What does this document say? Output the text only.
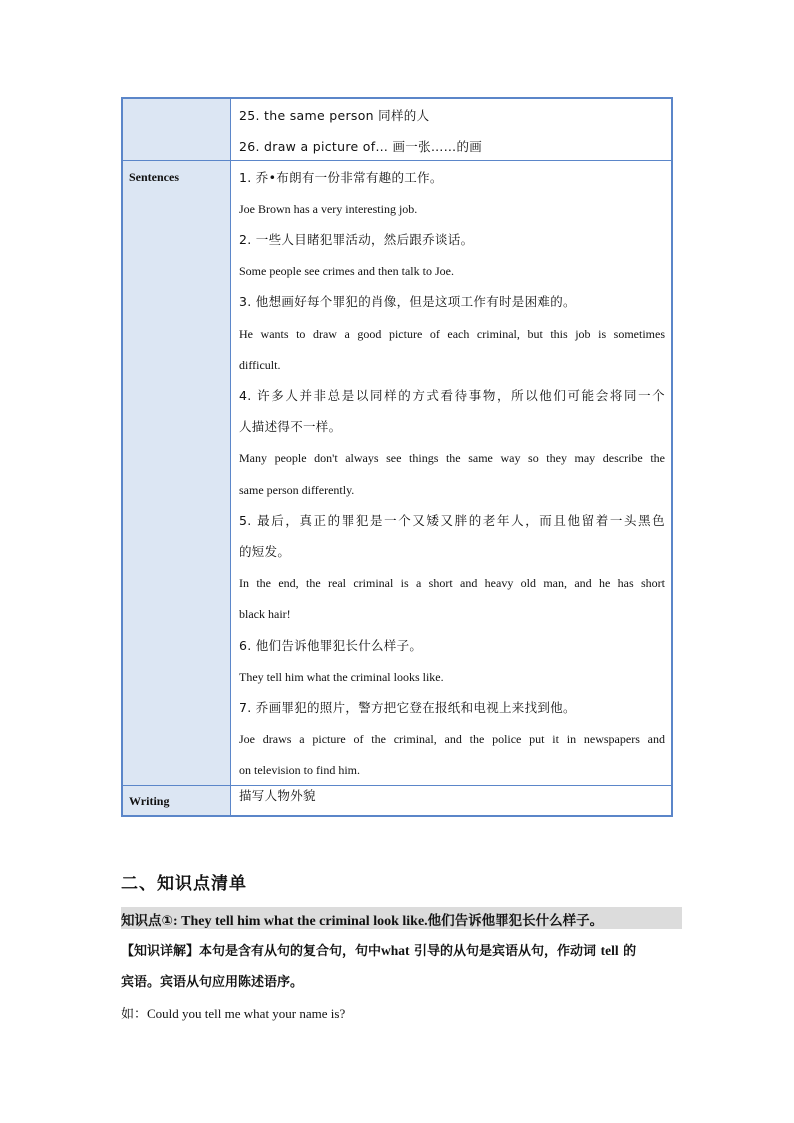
25. the same person 同样的人
26. draw a picture of… 画一张……的画
Sentences	1. 乔•布朗有一份非常有趣的工作。
Joe Brown has a very interesting job.
2. 一些人目睹犯罪活动，然后跟乔谈话。
Some people see crimes and then talk to Joe.
3. 他想画好每个罪犯的肖像，但是这项工作有时是困难的。
He wants to draw a good picture of each criminal, but this job is sometimes
difficult.
4. 许多人并非总是以同样的方式看待事物，所以他们可能会将同一个
人描述得不一样。
Many people don't always see things the same way so they may describe the
same person differently.
5. 最后，真正的罪犯是一个又矮又胖的老年人，而且他留着一头黑色
的短发。
In the end, the real criminal is a short and heavy old man, and he has short
black hair!
6. 他们告诉他罪犯长什么样子。
They tell him what the criminal looks like.
7. 乔画罪犯的照片，警方把它登在报纸和电视上来找到他。
Joe draws a picture of the criminal, and the police put it in newspapers and
on television to find him.
Writing	描写人物外貌
二、知识点清单
知识点①: They tell him what the criminal look like.他们告诉他罪犯长什么样子。
【知识详解】本句是含有从句的复合句，句中what 引导的从句是宾语从句，作动词 tell 的
宾语。宾语从句应用陈述语序。
如：Could you tell me what your name is?
